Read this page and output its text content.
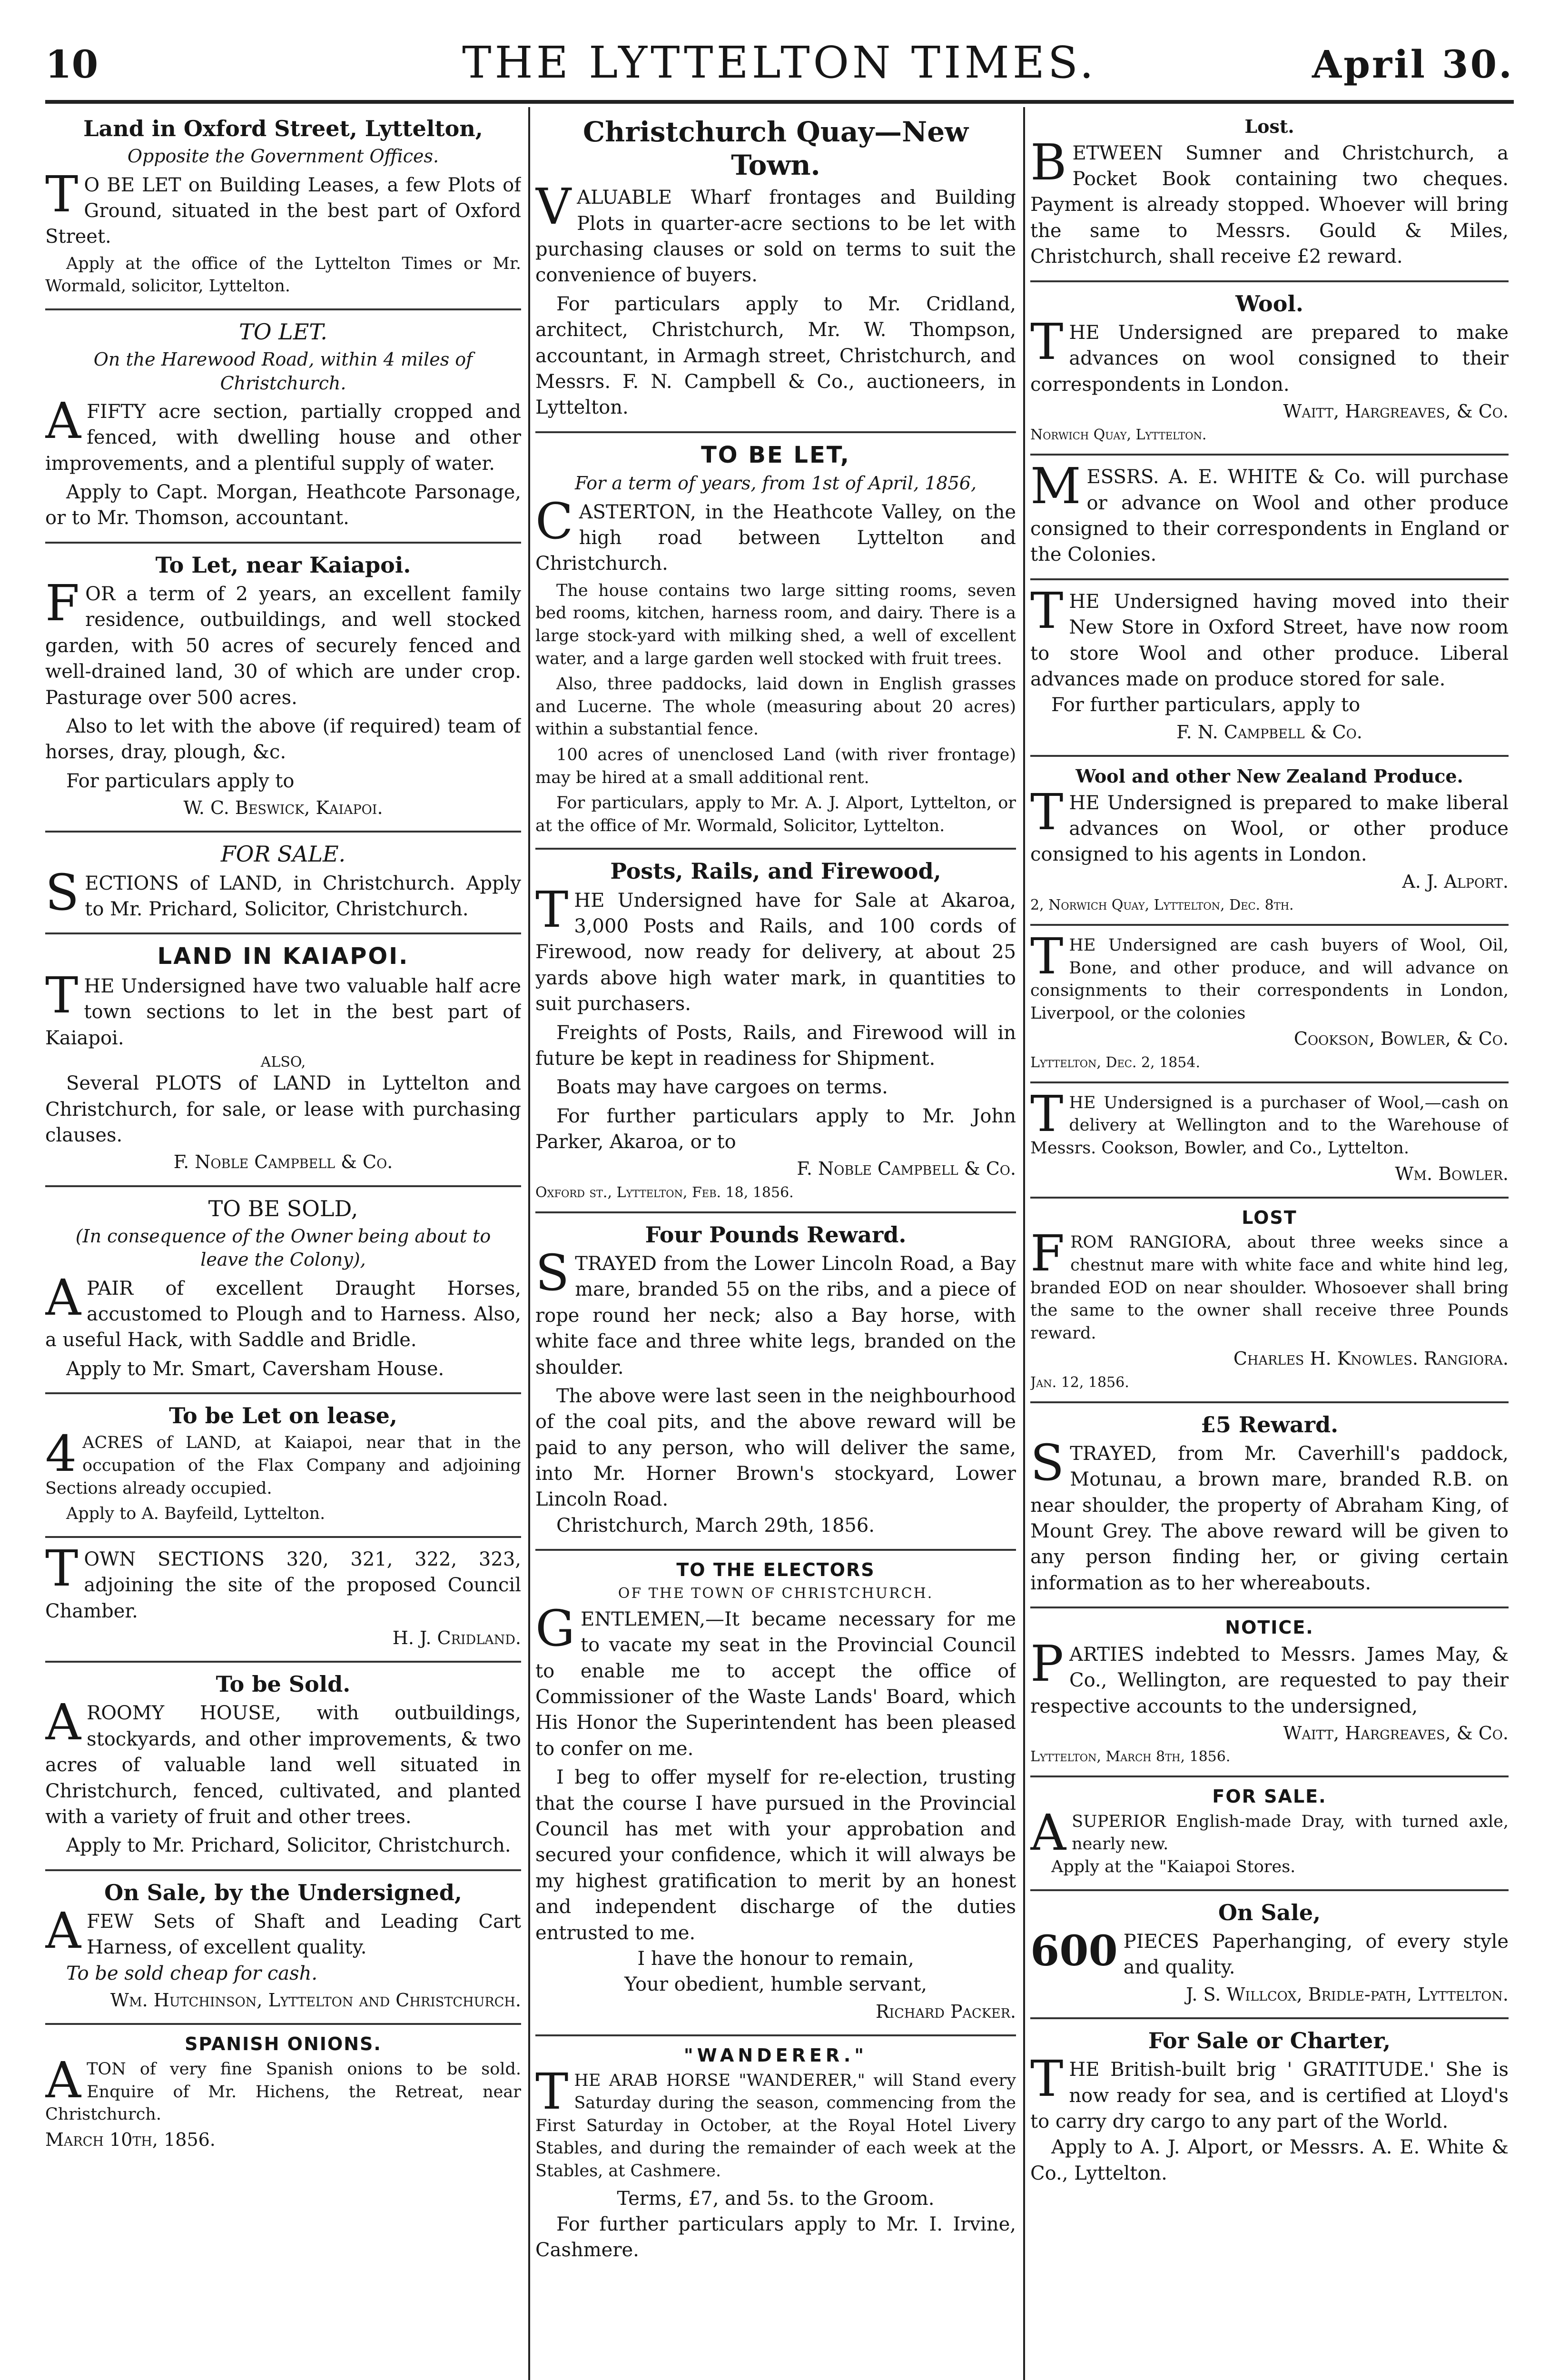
10	THE LYTTELTON TIMES.	April 30.
Land in Oxford Street, Lyttelton,
Opposite the Government Offices.

T O BE LET on Building Leases, a few Plots of Ground, situated in the best part of Oxford Street.

Apply at the office of the Lyttelton Times or Mr. Wormald, solicitor, Lyttelton.

TO LET.
On the Harewood Road, within 4 miles of Christchurch.

AFIFTY acre section, partially cropped and fenced, with dwelling house and other improvements, and a plentiful supply of water.

Apply to Capt. Morgan, Heathcote Parsonage, or to Mr. Thomson, accountant.

To Let, near Kaiapoi.

FOR a term of 2 years, an excellent family residence, outbuildings, and well stocked garden, with 50 acres of securely fenced and well-drained land, 30 of which are under crop. Pasturage over 500 acres.

Also to let with the above (if required) team of horses, dray, plough, &c.

For particulars apply to

W. C. Beswick, Kaiapoi.

FOR SALE.

SECTIONS of LAND, in Christchurch. Apply to Mr. Prichard, Solicitor, Christchurch.

LAND IN KAIAPOI.

THE Undersigned have two valuable half acre town sections to let in the best part of Kaiapoi.

ALSO,

Several PLOTS of LAND in Lyttelton and Christchurch, for sale, or lease with purchasing clauses.

F. Noble Campbell & Co.

TO BE SOLD,
(In consequence of the Owner being about to leave the Colony),

APAIR of excellent Draught Horses, accustomed to Plough and to Harness. Also, a useful Hack, with Saddle and Bridle.

Apply to Mr. Smart, Caversham House.

To be Let on lease,

4 ACRES of LAND, at Kaiapoi, near that in the occupation of the Flax Company and adjoining Sections already occupied.

Apply to A. Bayfeild, Lyttelton.

TOWN SECTIONS 320, 321, 322, 323, adjoining the site of the proposed Council Chamber.

H. J. Cridland.

To be Sold.

AROOMY HOUSE, with outbuildings, stockyards, and other improvements, & two acres of valuable land well situated in Christchurch, fenced, cultivated, and planted with a variety of fruit and other trees.

Apply to Mr. Prichard, Solicitor, Christchurch.

On Sale, by the Undersigned,

AFEW Sets of Shaft and Leading Cart Harness, of excellent quality.

To be sold cheap for cash.

Wm. Hutchinson, Lyttelton and Christchurch.

SPANISH ONIONS.

ATON of very fine Spanish onions to be sold. Enquire of Mr. Hichens, the Retreat, near Christchurch.

March 10th, 1856.

Christchurch Quay—New Town.

VALUABLE Wharf frontages and Building Plots in quarter-acre sections to be let with purchasing clauses or sold on terms to suit the convenience of buyers.

For particulars apply to Mr. Cridland, architect, Christchurch, Mr. W. Thompson, accountant, in Armagh street, Christchurch, and Messrs. F. N. Campbell & Co., auctioneers, in Lyttelton.

TO BE LET,
For a term of years, from 1st of April, 1856,

CASTERTON, in the Heathcote Valley, on the high road between Lyttelton and Christchurch.

The house contains two large sitting rooms, seven bed rooms, kitchen, harness room, and dairy. There is a large stock-yard with milking shed, a well of excellent water, and a large garden well stocked with fruit trees.

Also, three paddocks, laid down in English grasses and Lucerne. The whole (measuring about 20 acres) within a substantial fence.

100 acres of unenclosed Land (with river frontage) may be hired at a small additional rent.

For particulars, apply to Mr. A. J. Alport, Lyttelton, or at the office of Mr. Wormald, Solicitor, Lyttelton.

Posts, Rails, and Firewood,

THE Undersigned have for Sale at Akaroa, 3,000 Posts and Rails, and 100 cords of Firewood, now ready for delivery, at about 25 yards above high water mark, in quantities to suit purchasers.

Freights of Posts, Rails, and Firewood will in future be kept in readiness for Shipment.

Boats may have cargoes on terms.

For further particulars apply to Mr. John Parker, Akaroa, or to

F. Noble Campbell & Co.

Oxford st., Lyttelton, Feb. 18, 1856.

Four Pounds Reward.

STRAYED from the Lower Lincoln Road, a Bay mare, branded 55 on the ribs, and a piece of rope round her neck; also a Bay horse, with white face and three white legs, branded on the shoulder.

The above were last seen in the neighbourhood of the coal pits, and the above reward will be paid to any person, who will deliver the same, into Mr. Horner Brown's stockyard, Lower Lincoln Road.

Christchurch, March 29th, 1856.

TO THE ELECTORS
OF THE TOWN OF CHRISTCHURCH.

GENTLEMEN,—It became necessary for me to vacate my seat in the Provincial Council to enable me to accept the office of Commissioner of the Waste Lands' Board, which His Honor the Superintendent has been pleased to confer on me.

I beg to offer myself for re-election, trusting that the course I have pursued in the Provincial Council has met with your approbation and secured your confidence, which it will always be my highest gratification to merit by an honest and independent discharge of the duties entrusted to me.

I have the honour to remain,

Your obedient, humble servant,

Richard Packer.

"WANDERER."

THE ARAB HORSE "WANDERER," will Stand every Saturday during the season, commencing from the First Saturday in October, at the Royal Hotel Livery Stables, and during the remainder of each week at the Stables, at Cashmere.

Terms, £7, and 5s. to the Groom.

For further particulars apply to Mr. I. Irvine, Cashmere.

Lost.

BETWEEN Sumner and Christchurch, a Pocket Book containing two cheques. Payment is already stopped. Whoever will bring the same to Messrs. Gould & Miles, Christchurch, shall receive £2 reward.

Wool.

THE Undersigned are prepared to make advances on wool consigned to their correspondents in London.

Waitt, Hargreaves, & Co.

Norwich Quay, Lyttelton.

MESSRS. A. E. WHITE & Co. will purchase or advance on Wool and other produce consigned to their correspondents in England or the Colonies.

THE Undersigned having moved into their New Store in Oxford Street, have now room to store Wool and other produce. Liberal advances made on produce stored for sale.

For further particulars, apply to

F. N. Campbell & Co.

Wool and other New Zealand Produce.

THE Undersigned is prepared to make liberal advances on Wool, or other produce consigned to his agents in London.

A. J. Alport.

2, Norwich Quay, Lyttelton, Dec. 8th.

THE Undersigned are cash buyers of Wool, Oil, Bone, and other produce, and will advance on consignments to their correspondents in London, Liverpool, or the colonies

Cookson, Bowler, & Co.

Lyttelton, Dec. 2, 1854.

THE Undersigned is a purchaser of Wool,—cash on delivery at Wellington and to the Warehouse of Messrs. Cookson, Bowler, and Co., Lyttelton.

Wm. Bowler.

LOST

FROM RANGIORA, about three weeks since a chestnut mare with white face and white hind leg, branded EOD on near shoulder. Whosoever shall bring the same to the owner shall receive three Pounds reward.

Charles H. Knowles. Rangiora.

Jan. 12, 1856.

£5 Reward.

STRAYED, from Mr. Caverhill's paddock, Motunau, a brown mare, branded R.B. on near shoulder, the property of Abraham King, of Mount Grey. The above reward will be given to any person finding her, or giving certain information as to her whereabouts.

NOTICE.

PARTIES indebted to Messrs. James May, & Co., Wellington, are requested to pay their respective accounts to the undersigned,

Waitt, Hargreaves, & Co.

Lyttelton, March 8th, 1856.

FOR SALE.

ASUPERIOR English-made Dray, with turned axle, nearly new.

Apply at the "Kaiapoi Stores.

On Sale,

600 PIECES Paperhanging, of every style and quality.

J. S. Willcox, Bridle-path, Lyttelton.

For Sale or Charter,

THE British-built brig ' GRATITUDE.' She is now ready for sea, and is certified at Lloyd's to carry dry cargo to any part of the World.

Apply to A. J. Alport, or Messrs. A. E. White & Co., Lyttelton.
